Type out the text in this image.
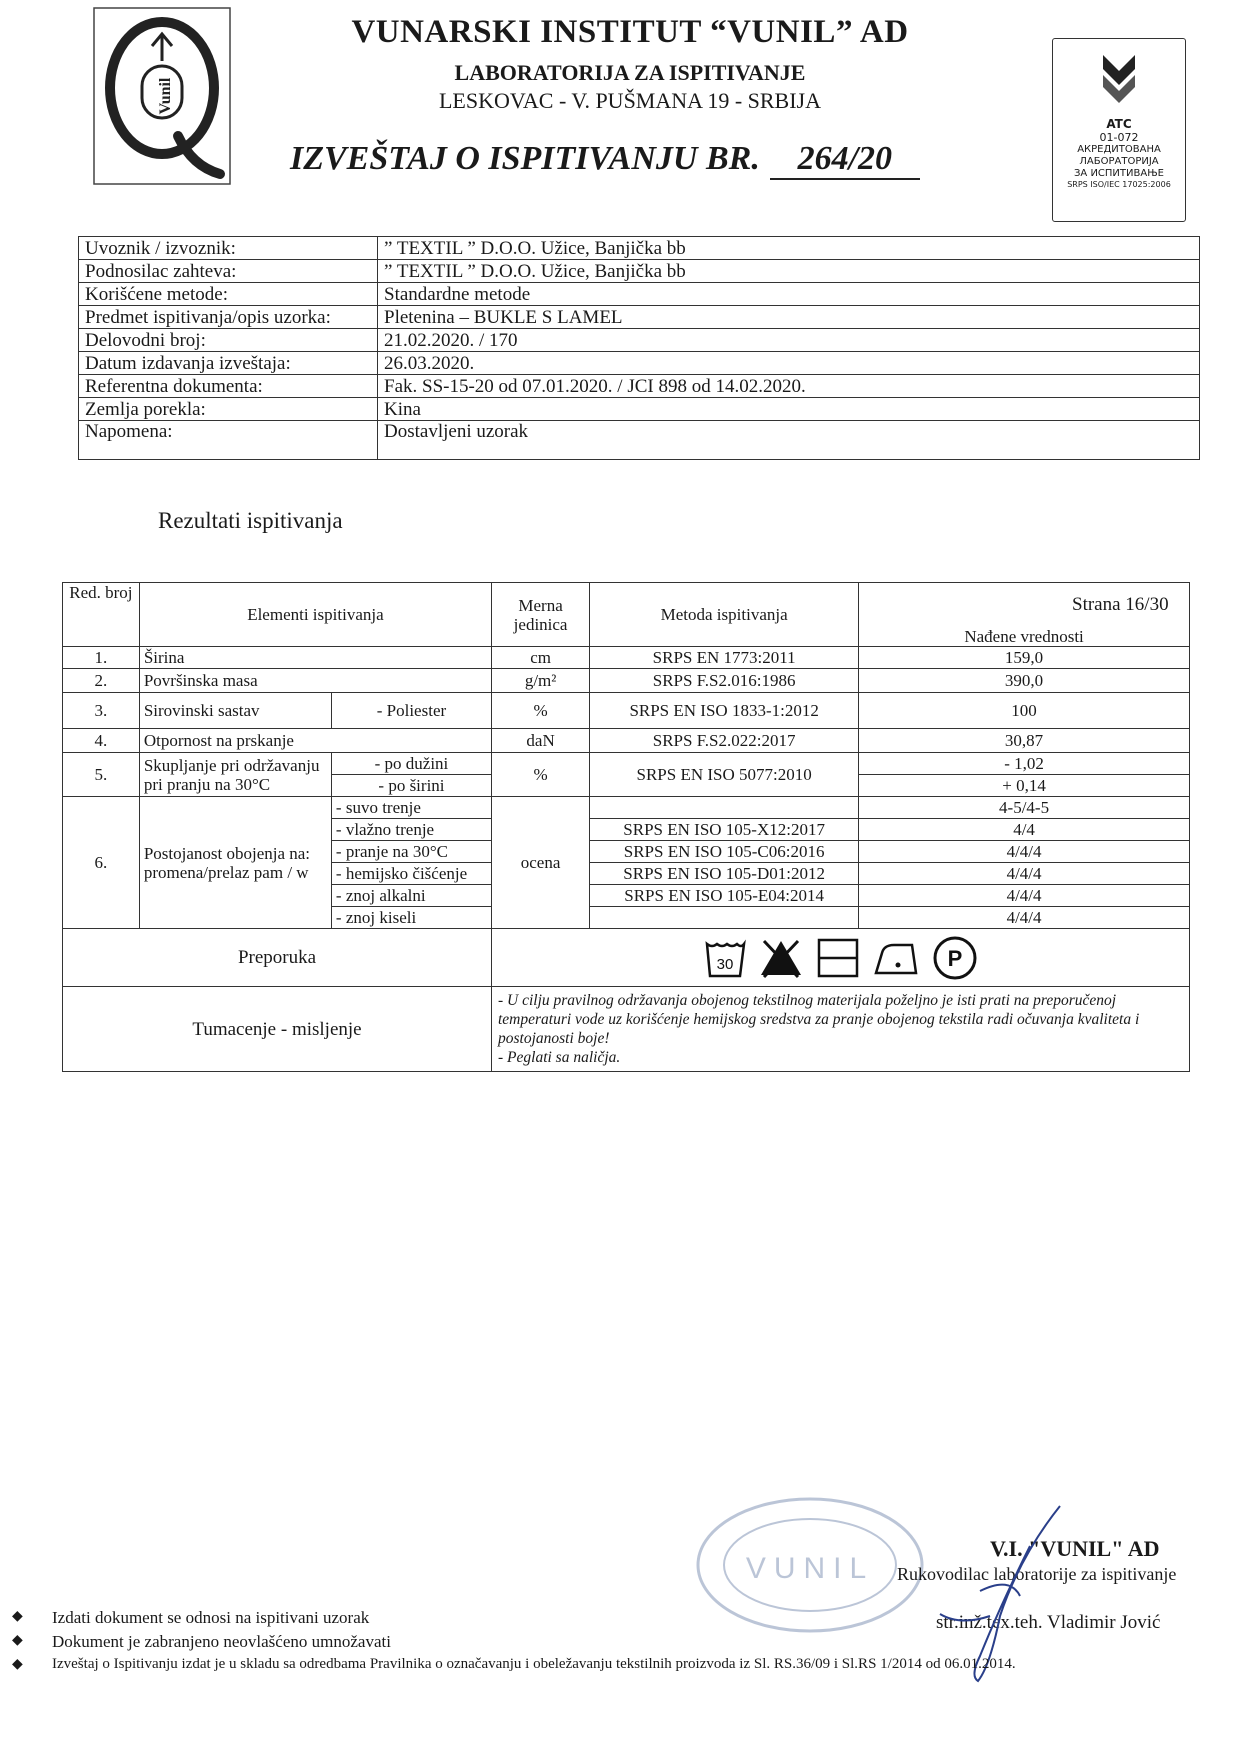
Vunil
VUNARSKI INSTITUT “VUNIL” AD
LABORATORIJA ZA ISPITIVANJE
LESKOVAC - V. PUŠMANA 19 - SRBIJA
IZVEŠTAJ O ISPITIVANJU BR. 264/20
ATC
01-072
АКРЕДИТОВАНА
ЛАБОРАТОРИЈА
ЗА ИСПИТИВАЊЕ
SRPS ISO/IEC 17025:2006
Uvoznik / izvoznik:	” TEXTIL ” D.O.O. Užice, Banjička bb
Podnosilac zahteva:	” TEXTIL ” D.O.O. Užice, Banjička bb
Korišćene metode:	Standardne metode
Predmet ispitivanja/opis uzorka:	Pletenina – BUKLE S LAMEL
Delovodni broj:	21.02.2020. / 170
Datum izdavanja izveštaja:	26.03.2020.
Referentna dokumenta:	Fak. SS-15-20 od 07.01.2020. / JCI 898 od 14.02.2020.
Zemlja porekla:	Kina
Napomena:	Dostavljeni uzorak
Rezultati ispitivanja
Strana 16/30
Red. broj	Elementi ispitivanja		Merna jedinica	Metoda ispitivanja	Nađene vrednosti
1.	Širina		cm	SRPS EN 1773:2011	159,0
2.	Površinska masa		g/m²	SRPS F.S2.016:1986	390,0
3.	Sirovinski sastav	- Poliester	%	SRPS EN ISO 1833-1:2012	100
4.	Otpornost na prskanje		daN	SRPS F.S2.022:2017	30,87
5.	Skupljanje pri održavanju pri pranju na 30°C	- po dužini	%	SRPS EN ISO 5077:2010	- 1,02
		- po širini			+ 0,14
6.	Postojanost obojenja na: promena/prelaz pam / w	- suvo trenje	ocena		4-5/4-5
		- vlažno trenje		SRPS EN ISO 105-X12:2017	4/4
		- pranje na 30°C		SRPS EN ISO 105-C06:2016	4/4/4
		- hemijsko čišćenje		SRPS EN ISO 105-D01:2012	4/4/4
		- znoj alkalni		SRPS EN ISO 105-E04:2014	4/4/4
		- znoj kiseli			4/4/4
Preporuka			30 P		

Tumacenje - misljenje			- U cilju pravilnog održavanja obojenog tekstilnog materijala poželjno je isti prati na preporučenoj temperaturi vode uz korišćenje hemijskog sredstva za pranje obojenog tekstila radi očuvanja kvaliteta i postojanosti boje!
- Peglati sa naličja.		
VUNIL
V.I. "VUNIL" AD
Rukovodilac laboratorije za ispitivanje
str.inž.tex.teh. Vladimir Jović
◆ Izdati dokument se odnosi na ispitivani uzorak
◆ Dokument je zabranjeno neovlašćeno umnožavati
◆ Izveštaj o Ispitivanju izdat je u skladu sa odredbama Pravilnika o označavanju i obeležavanju tekstilnih proizvoda iz Sl. RS.36/09 i Sl.RS 1/2014 od 06.01.2014.
